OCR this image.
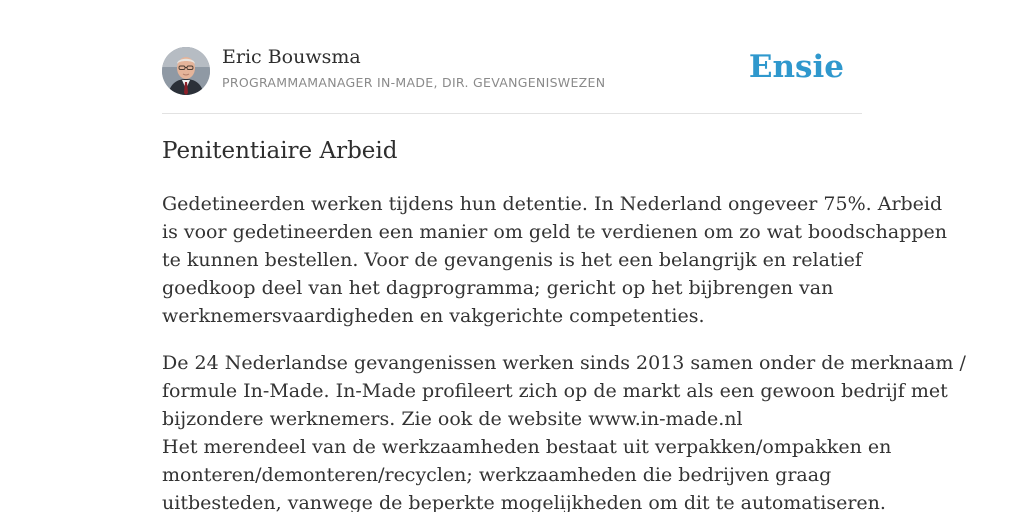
Eric Bouwsma
PROGRAMMAMANAGER IN-MADE, DIR. GEVANGENISWEZEN	Ensie
Penitentiaire Arbeid

Gedetineerden werken tijdens hun detentie. In Nederland ongeveer 75%. Arbeid
is voor gedetineerden een manier om geld te verdienen om zo wat boodschappen
te kunnen bestellen. Voor de gevangenis is het een belangrijk en relatief
goedkoop deel van het dagprogramma; gericht op het bijbrengen van
werknemersvaardigheden en vakgerichte competenties.

De 24 Nederlandse gevangenissen werken sinds 2013 samen onder de merknaam /
formule In-Made. In-Made profileert zich op de markt als een gewoon bedrijf met
bijzondere werknemers. Zie ook de website www.in-made.nl
Het merendeel van de werkzaamheden bestaat uit verpakken/ompakken en
monteren/demonteren/recyclen; werkzaamheden die bedrijven graag
uitbesteden, vanwege de beperkte mogelijkheden om dit te automatiseren.
